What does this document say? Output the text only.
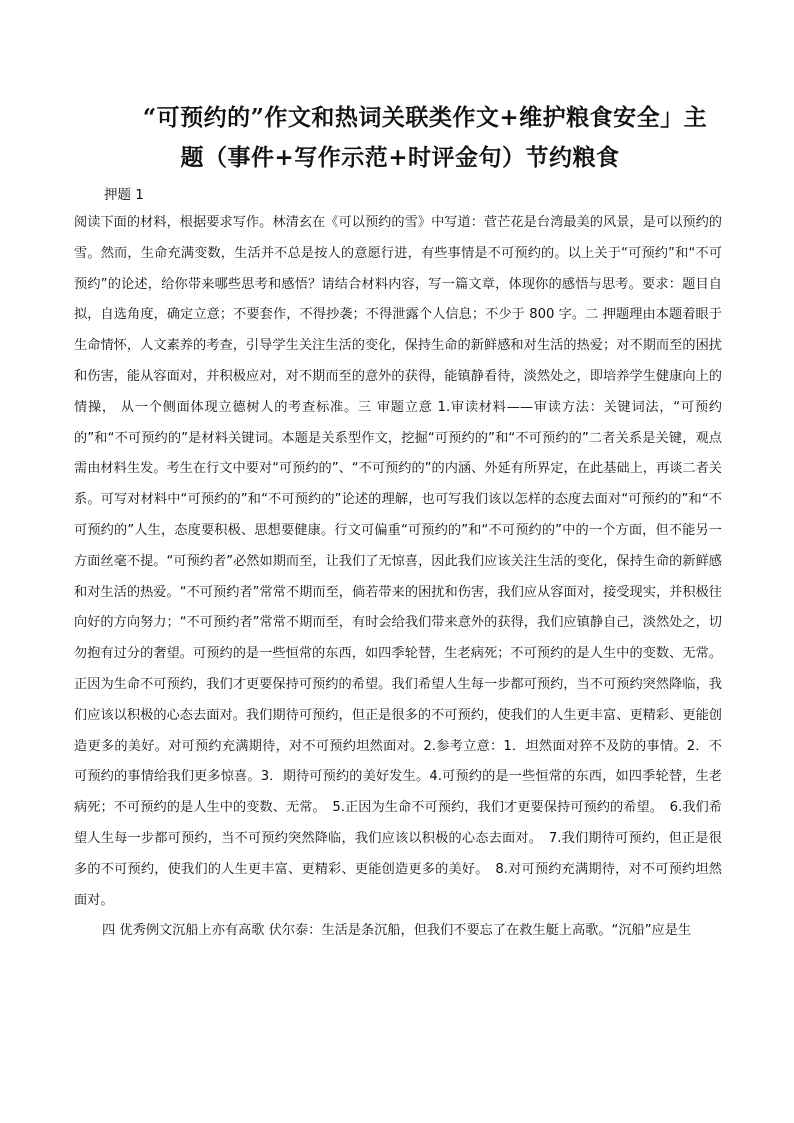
“可预约的”作文和热词关联类作文+维护粮食安全」主
题（事件+写作示范+时评金句）节约粮食
押题 1

阅读下面的材料，根据要求写作。林清玄在《可以预约的雪》中写道：菅芒花是台湾最美的风景，是可以预约的雪。然而，生命充满变数，生活并不总是按人的意愿行进，有些事情是不可预约的。以上关于“可预约”和“不可预约”的论述，给你带来哪些思考和感悟？请结合材料内容，写一篇文章，体现你的感悟与思考。要求：题目自拟，自选角度，确定立意；不要套作，不得抄袭；不得泄露个人信息；不少于 800 字。二 押题理由本题着眼于生命情怀，人文素养的考查，引导学生关注生活的变化，保持生命的新鲜感和对生活的热爱；对不期而至的困扰和伤害，能从容面对，并积极应对，对不期而至的意外的获得，能镇静看待，淡然处之，即培养学生健康向上的情操， 从一个侧面体现立德树人的考查标准。三 审题立意 1.审读材料——审读方法：关键词法，“可预约的”和“不可预约的”是材料关键词。本题是关系型作文，挖掘“可预约的”和“不可预约的”二者关系是关键，观点需由材料生发。考生在行文中要对“可预约的”、“不可预约的”的内涵、外延有所界定，在此基础上，再谈二者关系。可写对材料中“可预约的”和“不可预约的”论述的理解，也可写我们该以怎样的态度去面对“可预约的”和“不可预约的”人生，态度要积极、思想要健康。行文可偏重“可预约的”和“不可预约的”中的一个方面，但不能另一方面丝毫不提。“可预约者”必然如期而至，让我们了无惊喜，因此我们应该关注生活的变化，保持生命的新鲜感和对生活的热爱。“不可预约者”常常不期而至，倘若带来的困扰和伤害，我们应从容面对，接受现实，并积极往向好的方向努力；“不可预约者”常常不期而至，有时会给我们带来意外的获得，我们应镇静自己，淡然处之，切勿抱有过分的奢望。可预约的是一些恒常的东西，如四季轮替，生老病死；不可预约的是人生中的变数、无常。正因为生命不可预约，我们才更要保持可预约的希望。我们希望人生每一步都可预约，当不可预约突然降临，我们应该以积极的心态去面对。我们期待可预约，但正是很多的不可预约，使我们的人生更丰富、更精彩、更能创造更多的美好。对可预约充满期待，对不可预约坦然面对。2.参考立意：1．坦然面对猝不及防的事情。2．不可预约的事情给我们更多惊喜。3．期待可预约的美好发生。4.可预约的是一些恒常的东西，如四季轮替，生老病死；不可预约的是人生中的变数、无常。　5.正因为生命不可预约，我们才更要保持可预约的希望。　6.我们希望人生每一步都可预约，当不可预约突然降临，我们应该以积极的心态去面对。　7.我们期待可预约，但正是很多的不可预约，使我们的人生更丰富、更精彩、更能创造更多的美好。　8.对可预约充满期待，对不可预约坦然面对。

四 优秀例文沉船上亦有高歌 伏尔泰：生活是条沉船，但我们不要忘了在救生艇上高歌。“沉船”应是生
